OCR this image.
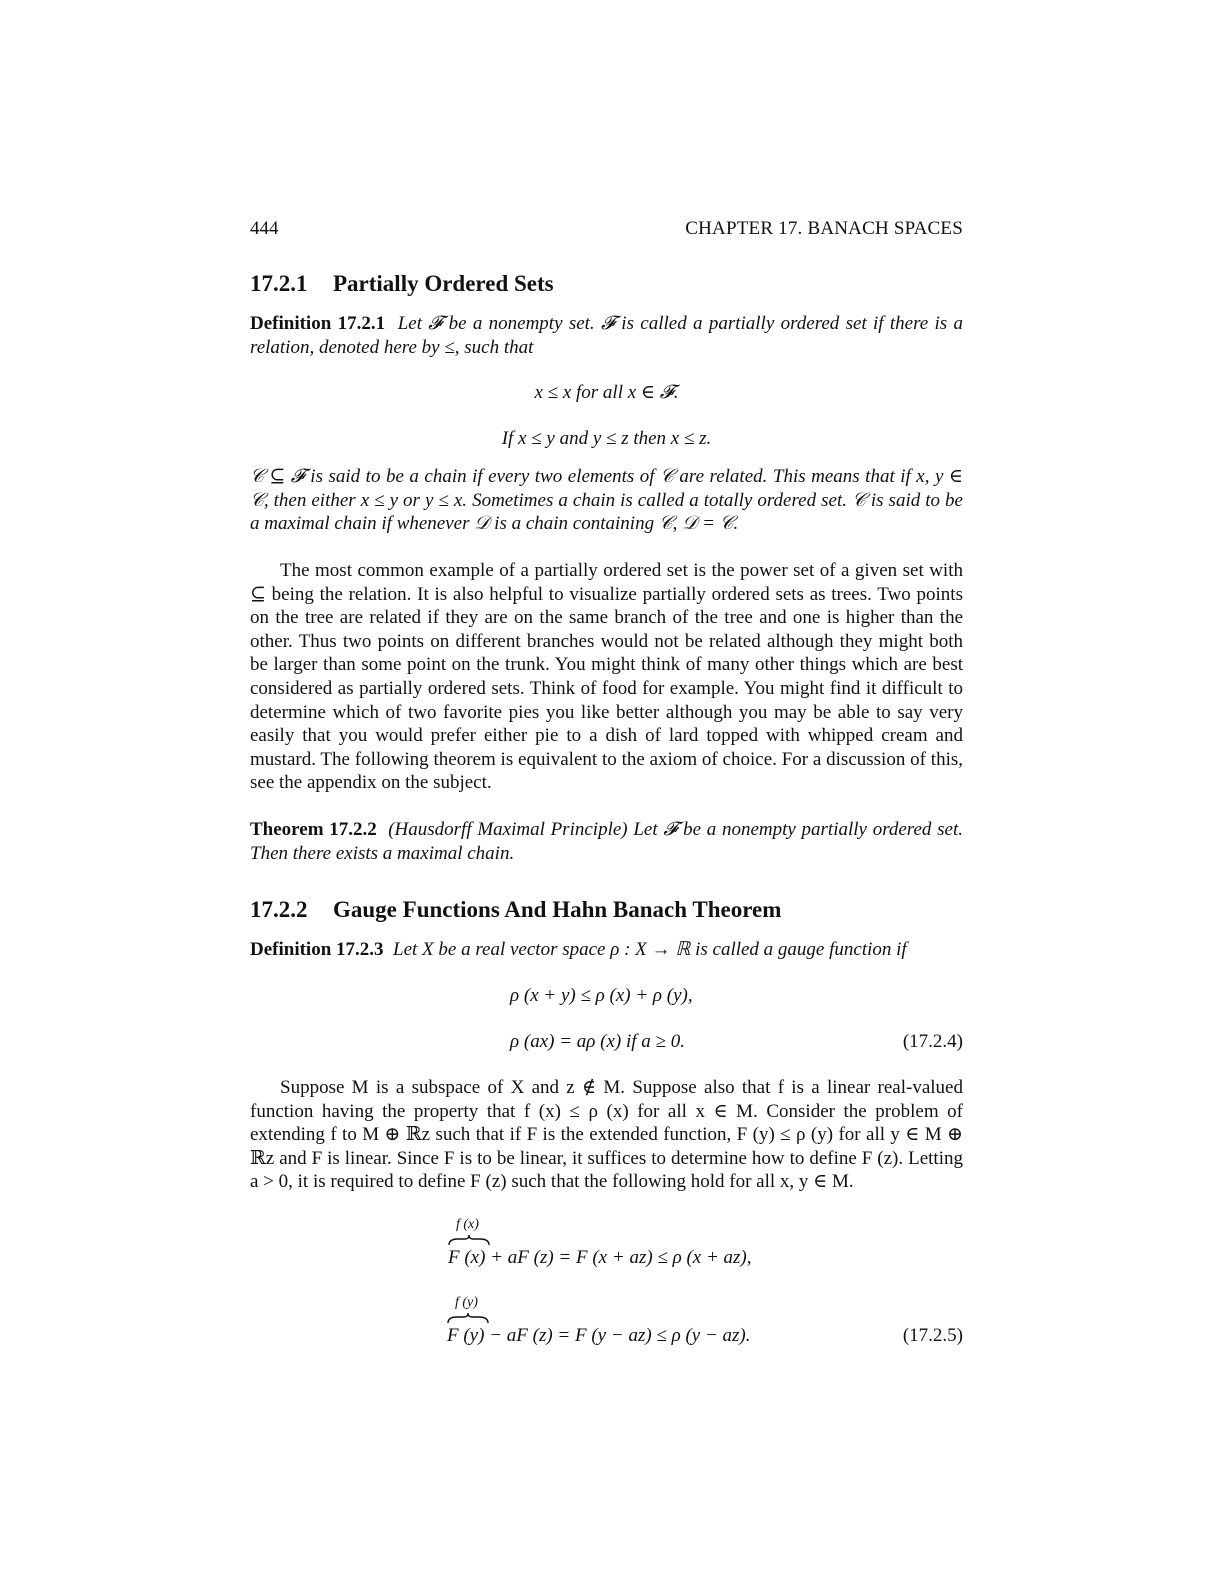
444	CHAPTER 17. BANACH SPACES
17.2.1 Partially Ordered Sets

Definition 17.2.1 Let 𝓕 be a nonempty set. 𝓕 is called a partially ordered set if there is a relation, denoted here by ≤, such that

x ≤ x for all x ∈ 𝓕.
If x ≤ y and y ≤ z then x ≤ z.

𝒞 ⊆ 𝓕 is said to be a chain if every two elements of 𝒞 are related. This means that if x, y ∈ 𝒞, then either x ≤ y or y ≤ x. Sometimes a chain is called a totally ordered set. 𝒞 is said to be a maximal chain if whenever 𝒟 is a chain containing 𝒞, 𝒟 = 𝒞.

The most common example of a partially ordered set is the power set of a given set with ⊆ being the relation. It is also helpful to visualize partially ordered sets as trees. Two points on the tree are related if they are on the same branch of the tree and one is higher than the other. Thus two points on different branches would not be related although they might both be larger than some point on the trunk. You might think of many other things which are best considered as partially ordered sets. Think of food for example. You might find it difficult to determine which of two favorite pies you like better although you may be able to say very easily that you would prefer either pie to a dish of lard topped with whipped cream and mustard. The following theorem is equivalent to the axiom of choice. For a discussion of this, see the appendix on the subject.

Theorem 17.2.2 (Hausdorff Maximal Principle) Let 𝓕 be a nonempty partially ordered set. Then there exists a maximal chain.

17.2.2 Gauge Functions And Hahn Banach Theorem

Definition 17.2.3 Let X be a real vector space ρ : X → ℝ is called a gauge function if

ρ (x + y) ≤ ρ (x) + ρ (y),
ρ (ax) = aρ (x) if a ≥ 0.	(17.2.4)

Suppose M is a subspace of X and z ∉ M. Suppose also that f is a linear real-valued function having the property that f (x) ≤ ρ (x) for all x ∈ M. Consider the problem of extending f to M ⊕ ℝz such that if F is the extended function, F (y) ≤ ρ (y) for all y ∈ M ⊕ ℝz and F is linear. Since F is to be linear, it suffices to determine how to define F (z). Letting a > 0, it is required to define F (z) such that the following hold for all x, y ∈ M.

f (x)
F (x) + aF (z) = F (x + az) ≤ ρ (x + az),
f (y)
F (y) − aF (z) = F (y − az) ≤ ρ (y − az).	(17.2.5)
